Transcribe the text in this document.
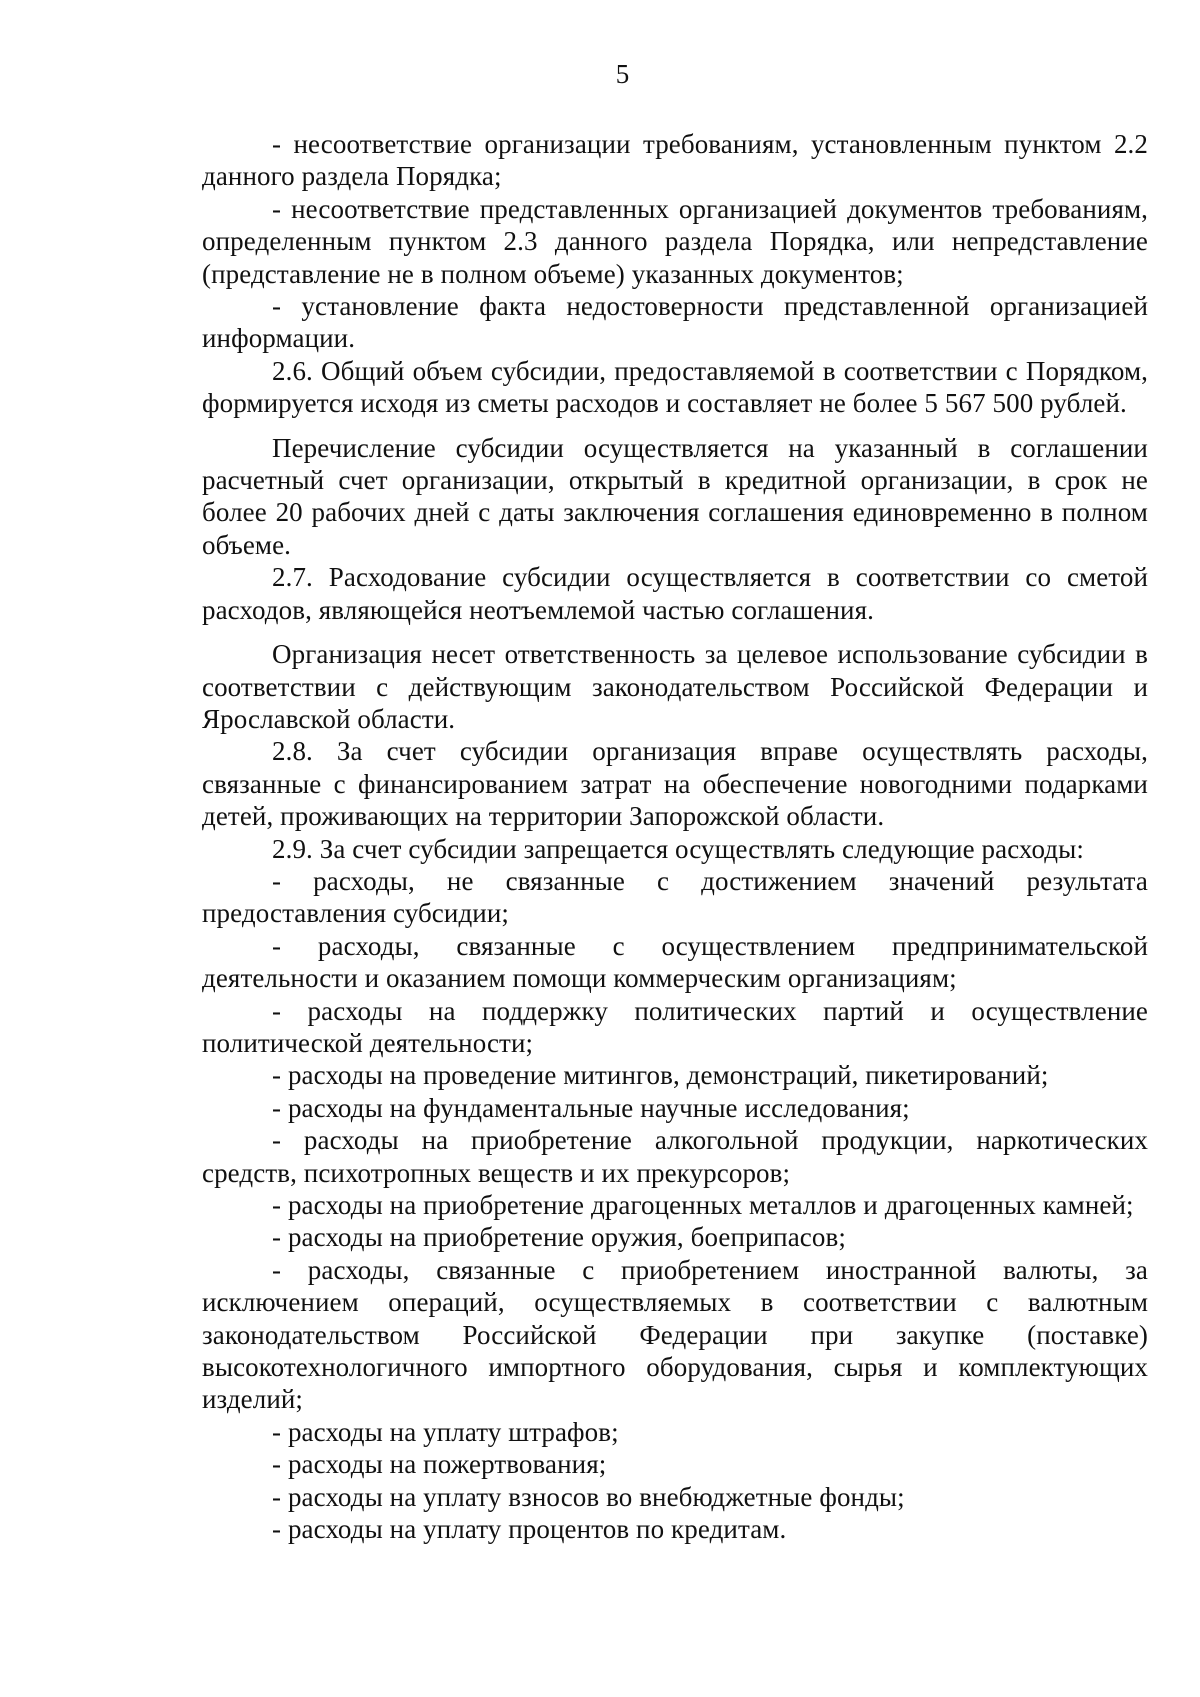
5

- несоответствие организации требованиям, установленным пунктом 2.2 данного раздела Порядка;

- несоответствие представленных организацией документов требованиям, определенным пунктом 2.3 данного раздела Порядка, или непредставление (представление не в полном объеме) указанных документов;

- установление факта недостоверности представленной организацией информации.

2.6. Общий объем субсидии, предоставляемой в соответствии с Порядком, формируется исходя из сметы расходов и составляет не более 5 567 500 рублей.

Перечисление субсидии осуществляется на указанный в соглашении расчетный счет организации, открытый в кредитной организации, в срок не более 20 рабочих дней с даты заключения соглашения единовременно в полном объеме.

2.7. Расходование субсидии осуществляется в соответствии со сметой расходов, являющейся неотъемлемой частью соглашения.

Организация несет ответственность за целевое использование субсидии в соответствии с действующим законодательством Российской Федерации и Ярославской области.

2.8. За счет субсидии организация вправе осуществлять расходы, связанные с финансированием затрат на обеспечение новогодними подарками детей, проживающих на территории Запорожской области.

2.9. За счет субсидии запрещается осуществлять следующие расходы:

- расходы, не связанные с достижением значений результата предоставления субсидии;

- расходы, связанные с осуществлением предпринимательской деятельности и оказанием помощи коммерческим организациям;

- расходы на поддержку политических партий и осуществление политической деятельности;

- расходы на проведение митингов, демонстраций, пикетирований;

- расходы на фундаментальные научные исследования;

- расходы на приобретение алкогольной продукции, наркотических средств, психотропных веществ и их прекурсоров;

- расходы на приобретение драгоценных металлов и драгоценных камней;

- расходы на приобретение оружия, боеприпасов;

- расходы, связанные с приобретением иностранной валюты, за исключением операций, осуществляемых в соответствии с валютным законодательством Российской Федерации при закупке (поставке) высокотехнологичного импортного оборудования, сырья и комплектующих изделий;

- расходы на уплату штрафов;

- расходы на пожертвования;

- расходы на уплату взносов во внебюджетные фонды;

- расходы на уплату процентов по кредитам.
